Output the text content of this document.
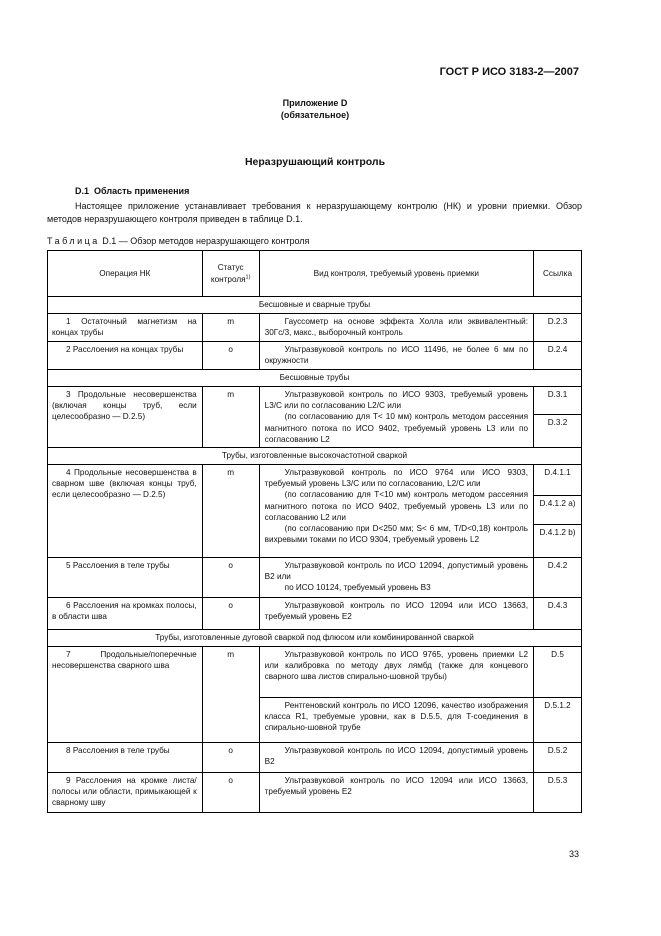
ГОСТ Р ИСО 3183-2—2007
Приложение D
(обязательное)
Неразрушающий контроль
D.1 Область применения

Настоящее приложение устанавливает требования к неразрушающему контролю (НК) и уровни приемки. Обзор методов неразрушающего контроля приведен в таблице D.1.

Таблица D.1 — Обзор методов неразрушающего контроля
Операция НК	Статус контроля$^{1)}$	Вид контроля, требуемый уровень приемки	Ссылка
Бесшовные и сварные трубы			

1 Остаточный магнетизм на концах трубы	m	Гауссометр на основе эффекта Холла или эквивалентный: 30Гс/3, макс., выборочный контроль	D.2.3

2 Расслоения на концах трубы	o	Ультразвуковой контроль по ИСО 11496, не более 6 мм по окружности	D.2.4
Бесшовные трубы			

3 Продольные несовершенства (включая концы труб, если целесообразно — D.2.5)	m	Ультразвуковой контроль по ИСО 9303, требуемый уровень L3/C или по согласованию L2/C или
(по согласованию для T< 10 мм) контроль методом рассеяния магнитного потока по ИСО 9402, требуемый уровень L3 или по согласованию L2	D.3.1
			D.3.2
Трубы, изготовленные высокочастотной сваркой			

4 Продольные несовершенства в сварном шве (включая концы труб, если целесообразно — D.2.5)	m	Ультразвуковой контроль по ИСО 9764 или ИСО 9303, требуемый уровень L3/C или по согласованию, L2/C или
(по согласованию для T<10 мм) контроль методом рассеяния магнитного потока по ИСО 9402, требуемый уровень L3 или по согласованию L2 или
(по согласованию при D<250 мм; S< 6 мм, T/D<0,18) контроль вихревыми токами по ИСО 9304, требуемый уровень L2	D.4.1.1
			D.4.1.2 a)
			D.4.1.2 b)

5 Расслоения в теле трубы	o	Ультразвуковой контроль по ИСО 12094, допустимый уровень B2 или
по ИСО 10124, требуемый уровень B3	D.4.2

6 Расслоения на кромках полосы, в области шва	o	Ультразвуковой контроль по ИСО 12094 или ИСО 13663, требуемый уровень E2	D.4.3
Трубы, изготовленные дуговой сваркой под флюсом или комбинированной сваркой			

7 Продольные/поперечные несовершенства сварного шва	m	Ультразвуковой контроль по ИСО 9765, уровень приемки L2 или калибровка по методу двух лямбд (также для концевого сварного шва листов спирально-шовной трубы)	D.5

		Рентгеновский контроль по ИСО 12096, качество изображения класса R1, требуемые уровни, как в D.5.5, для T-соединения в спирально-шовной трубе	D.5.1.2

8 Расслоения в теле трубы	o	Ультразвуковой контроль по ИСО 12094, допустимый уровень B2	D.5.2

9 Расслоения на кромке листа/полосы или области, примыкающей к сварному шву	o	Ультразвуковой контроль по ИСО 12094 или ИСО 13663, требуемый уровень E2	D.5.3
33
